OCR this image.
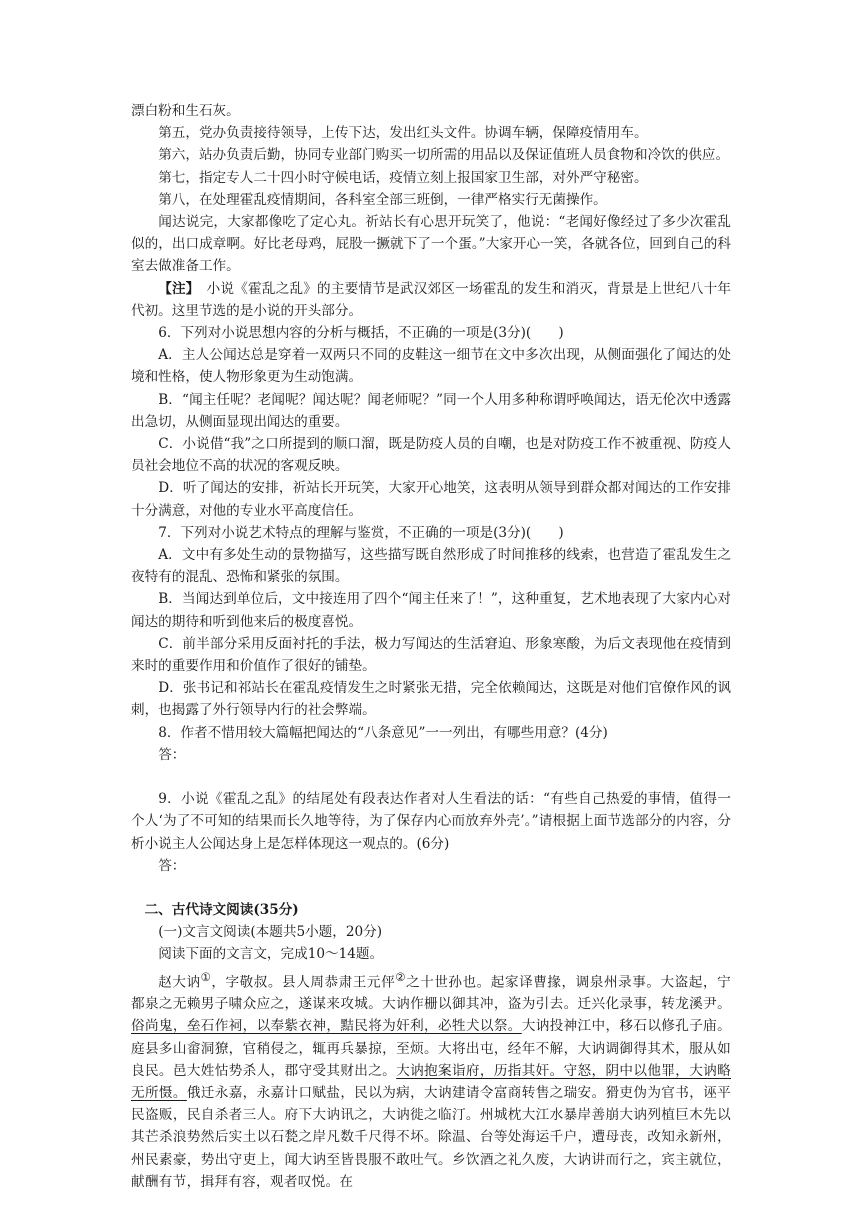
漂白粉和生石灰。

第五，党办负责接待领导，上传下达，发出红头文件。协调车辆，保障疫情用车。

第六，站办负责后勤，协同专业部门购买一切所需的用品以及保证值班人员食物和冷饮的供应。

第七，指定专人二十四小时守候电话，疫情立刻上报国家卫生部，对外严守秘密。

第八，在处理霍乱疫情期间，各科室全部三班倒，一律严格实行无菌操作。

闻达说完，大家都像吃了定心丸。祈站长有心思开玩笑了，他说：“老闻好像经过了多少次霍乱似的，出口成章啊。好比老母鸡，屁股一撅就下了一个蛋。”大家开心一笑，各就各位，回到自己的科室去做准备工作。

【注】　小说《霍乱之乱》的主要情节是武汉郊区一场霍乱的发生和消灭，背景是上世纪八十年代初。这里节选的是小说的开头部分。

6．下列对小说思想内容的分析与概括，不正确的一项是(3分)(　　)

A．主人公闻达总是穿着一双两只不同的皮鞋这一细节在文中多次出现，从侧面强化了闻达的处境和性格，使人物形象更为生动饱满。

B．“闻主任呢？老闻呢？闻达呢？闻老师呢？”同一个人用多种称谓呼唤闻达，语无伦次中透露出急切，从侧面显现出闻达的重要。

C．小说借“我”之口所提到的顺口溜，既是防疫人员的自嘲，也是对防疫工作不被重视、防疫人员社会地位不高的状况的客观反映。

D．听了闻达的安排，祈站长开玩笑，大家开心地笑，这表明从领导到群众都对闻达的工作安排十分满意，对他的专业水平高度信任。

7．下列对小说艺术特点的理解与鉴赏，不正确的一项是(3分)(　　)

A．文中有多处生动的景物描写，这些描写既自然形成了时间推移的线索，也营造了霍乱发生之夜特有的混乱、恐怖和紧张的氛围。

B．当闻达到单位后，文中接连用了四个“闻主任来了！”，这种重复，艺术地表现了大家内心对闻达的期待和听到他来后的极度喜悦。

C．前半部分采用反面衬托的手法，极力写闻达的生活窘迫、形象寒酸，为后文表现他在疫情到来时的重要作用和价值作了很好的铺垫。

D．张书记和祁站长在霍乱疫情发生之时紧张无措，完全依赖闻达，这既是对他们官僚作风的讽刺，也揭露了外行领导内行的社会弊端。

8．作者不惜用较大篇幅把闻达的“八条意见”一一列出，有哪些用意？(4分)

答：

9．小说《霍乱之乱》的结尾处有段表达作者对人生看法的话：“有些自己热爱的事情，值得一个人‘为了不可知的结果而长久地等待，为了保存内心而放弃外壳’。”请根据上面节选部分的内容，分析小说主人公闻达身上是怎样体现这一观点的。(6分)

答：

二、古代诗文阅读(35分)

(一)文言文阅读(本题共5小题，20分)

阅读下面的文言文，完成10～14题。

赵大讷①，字敬叔。县人周恭肃王元伻②之十世孙也。起家译曹掾，调泉州录事。大盗起，宁都泉之无赖男子啸众应之，遂谋来攻城。大讷作栅以御其冲，盗为引去。迁兴化录事，转龙溪尹。俗尚鬼，垒石作祠，以奉紫衣神，黠民将为奸利，必牲犬以祭。大讷投神江中，移石以修孔子庙。庭县多山畲洞獠，官稍侵之，辄再兵暴掠，至烦。大将出屯，经年不解，大讷调御得其术，服从如良民。邑大姓怙势杀人，郡守受其财出之。大讷抱案诣府，历指其奸。守怒，阴中以他罪，大讷略无所慑。俄迁永嘉，永嘉计口赋盐，民以为病，大讷建请令富商转售之瑞安。猾吏伪为官书，诬平民盗贩，民自杀者三人。府下大讷讯之，大讷徙之临汀。州城枕大江水暴岸善崩大讷列植巨木先以其芒杀浪势然后实土以石甃之岸凡数千尺得不坏。除温、台等处海运千户，遭母丧，改知永新州，州民素豪，势出守吏上，闻大讷至皆畏服不敢吐气。乡饮酒之礼久废，大讷讲而行之，宾主就位，献酬有节，揖拜有容，观者叹悦。在
